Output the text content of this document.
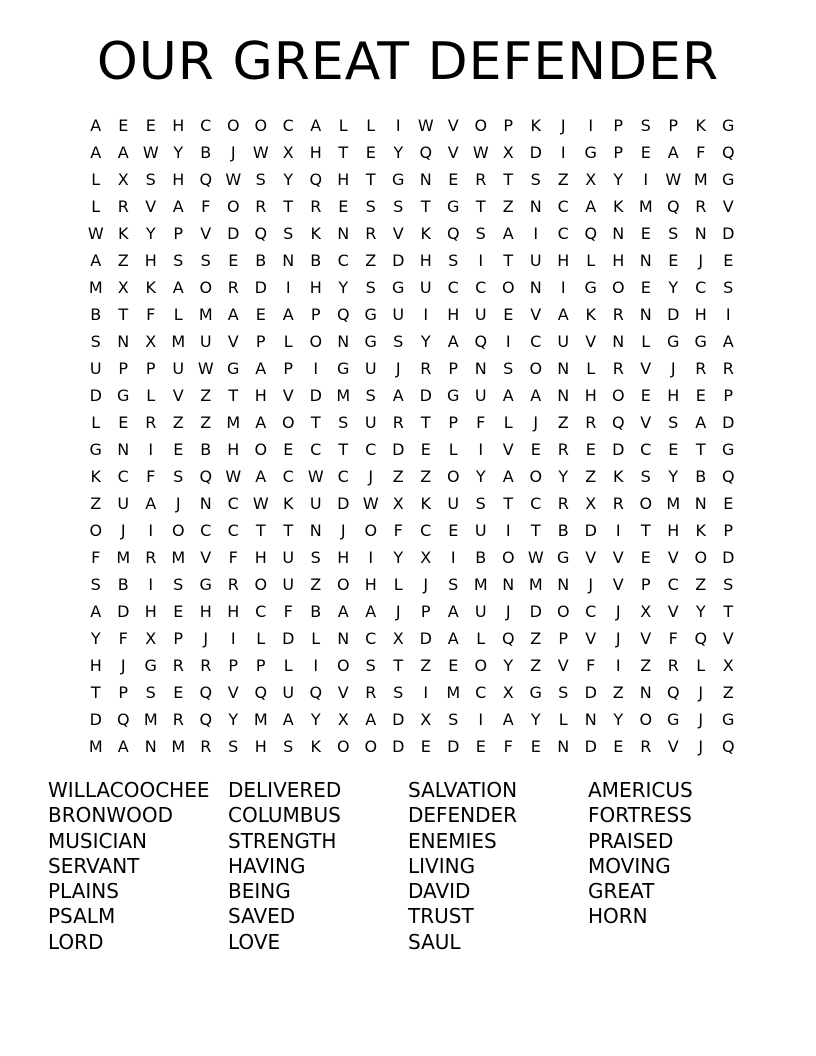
OUR GREAT DEFENDER
A	E	E	H C O O C	A	L	L	I	W V O	P	K	J	I	P	S	P	K	G
A	A W Y	B	J	W X	H	T	E	Y	Q V W X D	I	G	P	E	A	F	Q
L	X	S	H Q W S	Y	Q H	T	G N	E	R	T	S	Z	X	Y	I	W M G
L	R	V	A	F	O R	T	R	E	S	S	T	G	T	Z	N C	A	K M Q R	V
W K	Y	P	V D Q	S	K	N R	V	K Q	S	A	I	C Q N	E	S	N D
A	Z	H	S	S	E	B	N	B	C	Z D H	S	I	T	U H	L	H N	E	J	E
M X	K	A O R D	I	H	Y	S	G U	C	C O N	I	G O	E	Y	C	S
B	T	F	L	M A	E	A	P	Q G U	I	H U	E	V	A	K	R N D H	I
S	N	X M U	V	P	L	O N G	S	Y	A Q	I	C	U	V	N	L	G G A
U	P	P	U W G A	P	I	G U	J	R	P	N	S	O N	L	R	V	J	R	R
D G	L	V	Z	T	H	V D M S	A D G U	A	A	N H O	E	H	E	P
L	E	R	Z	Z M A O	T	S	U	R	T	P	F	L	J	Z	R Q V	S	A D
G N	I	E	B	H O	E	C	T	C D	E	L	I	V	E	R	E	D C	E	T	G
K	C	F	S	Q W A	C W C	J	Z	Z O	Y	A O	Y	Z	K	S	Y	B Q
Z	U	A	J	N C W K	U D W X	K	U	S	T	C	R	X	R O M N	E
O	J	I	O C	C	T	T	N	J	O	F	C	E	U	I	T	B D	I	T	H	K	P
F	M R M V	F	H U	S	H	I	Y	X	I	B O W G V	V	E	V O D
S	B	I	S	G R O U	Z O H	L	J	S M N M N	J	V	P	C	Z	S
A D H	E	H H C	F	B	A	A	J	P	A	U	J	D O C	J	X	V	Y	T
Y	F	X	P	J	I	L	D	L	N C	X D A	L	Q Z	P	V	J	V	F	Q V
H	J	G R	R	P	P	L	I	O	S	T	Z	E	O	Y	Z	V	F	I	Z	R	L	X
T	P	S	E	Q V Q U Q V	R	S	I	M C	X G	S	D Z	N Q	J	Z
D Q M R Q	Y M A	Y	X	A D X	S	I	A	Y	L	N	Y	O G	J	G
M A	N M R	S	H	S	K O O D	E	D	E	F	E	N D	E	R	V	J	Q
WILLACOOCHEE
BRONWOOD
MUSICIAN
SERVANT
PLAINS
PSALM
LORD
DELIVERED
COLUMBUS
STRENGTH
HAVING
BEING
SAVED
LOVE
SALVATION
DEFENDER
ENEMIES
LIVING
DAVID
TRUST
SAUL
AMERICUS
FORTRESS
PRAISED
MOVING
GREAT
HORN
